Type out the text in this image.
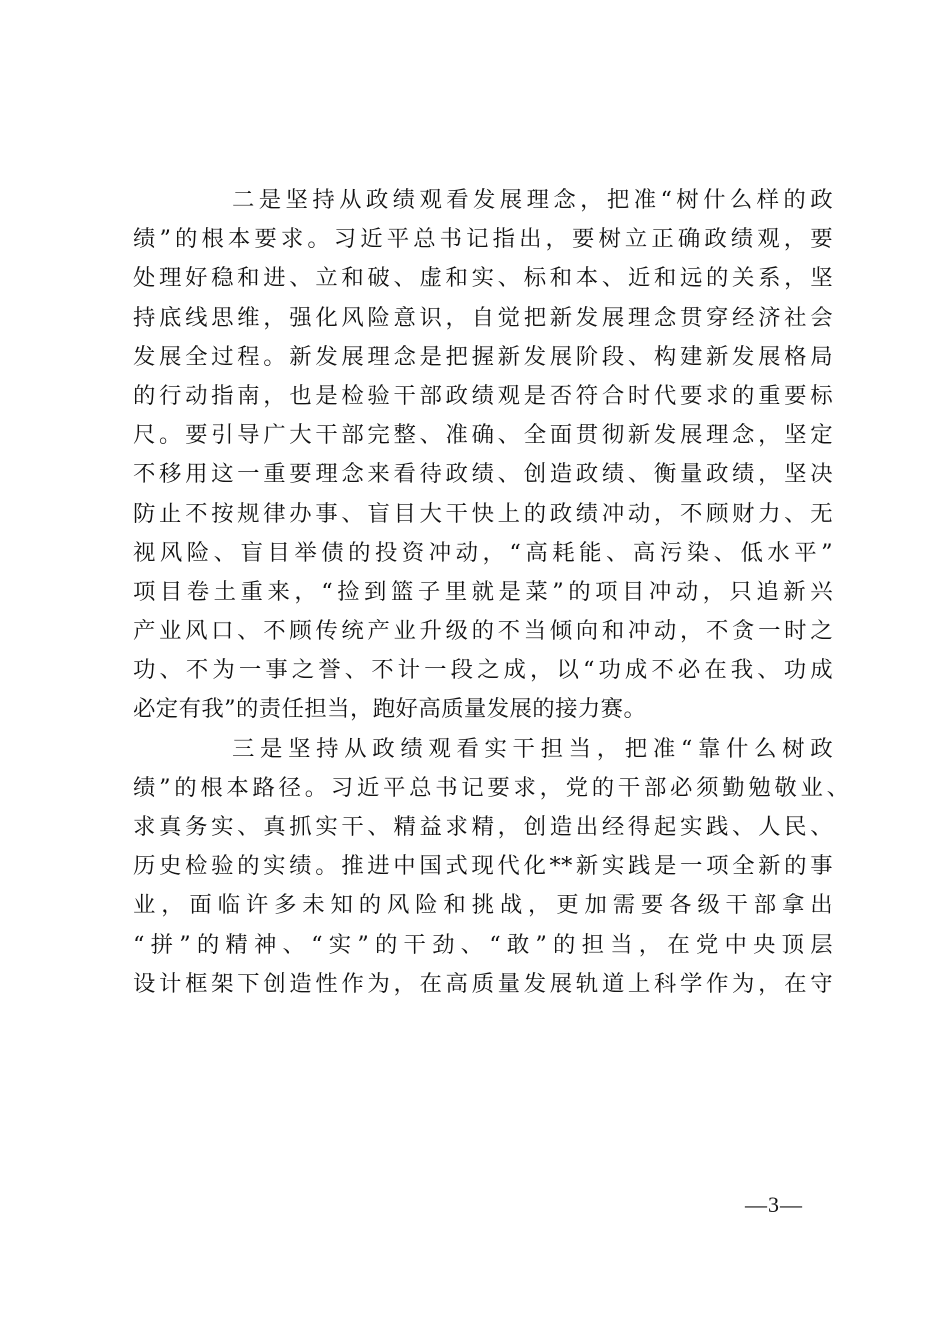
二是坚持从政绩观看发展理念，把准“树什么样的政
绩”的根本要求。习近平总书记指出，要树立正确政绩观，要
处理好稳和进、立和破、虚和实、标和本、近和远的关系，坚
持底线思维，强化风险意识，自觉把新发展理念贯穿经济社会
发展全过程。新发展理念是把握新发展阶段、构建新发展格局
的行动指南，也是检验干部政绩观是否符合时代要求的重要标
尺。要引导广大干部完整、准确、全面贯彻新发展理念，坚定
不移用这一重要理念来看待政绩、创造政绩、衡量政绩，坚决
防止不按规律办事、盲目大干快上的政绩冲动，不顾财力、无
视风险、盲目举债的投资冲动，“高耗能、高污染、低水平”
项目卷土重来，“捡到篮子里就是菜”的项目冲动，只追新兴
产业风口、不顾传统产业升级的不当倾向和冲动，不贪一时之
功、不为一事之誉、不计一段之成，以“功成不必在我、功成
必定有我”的责任担当，跑好高质量发展的接力赛。
三是坚持从政绩观看实干担当，把准“靠什么树政
绩”的根本路径。习近平总书记要求，党的干部必须勤勉敬业、
求真务实、真抓实干、精益求精，创造出经得起实践、人民、
历史检验的实绩。推进中国式现代化**新实践是一项全新的事
业，面临许多未知的风险和挑战，更加需要各级干部拿出
“拼”的精神、“实”的干劲、“敢”的担当，在党中央顶层
设计框架下创造性作为，在高质量发展轨道上科学作为，在守
—3—
